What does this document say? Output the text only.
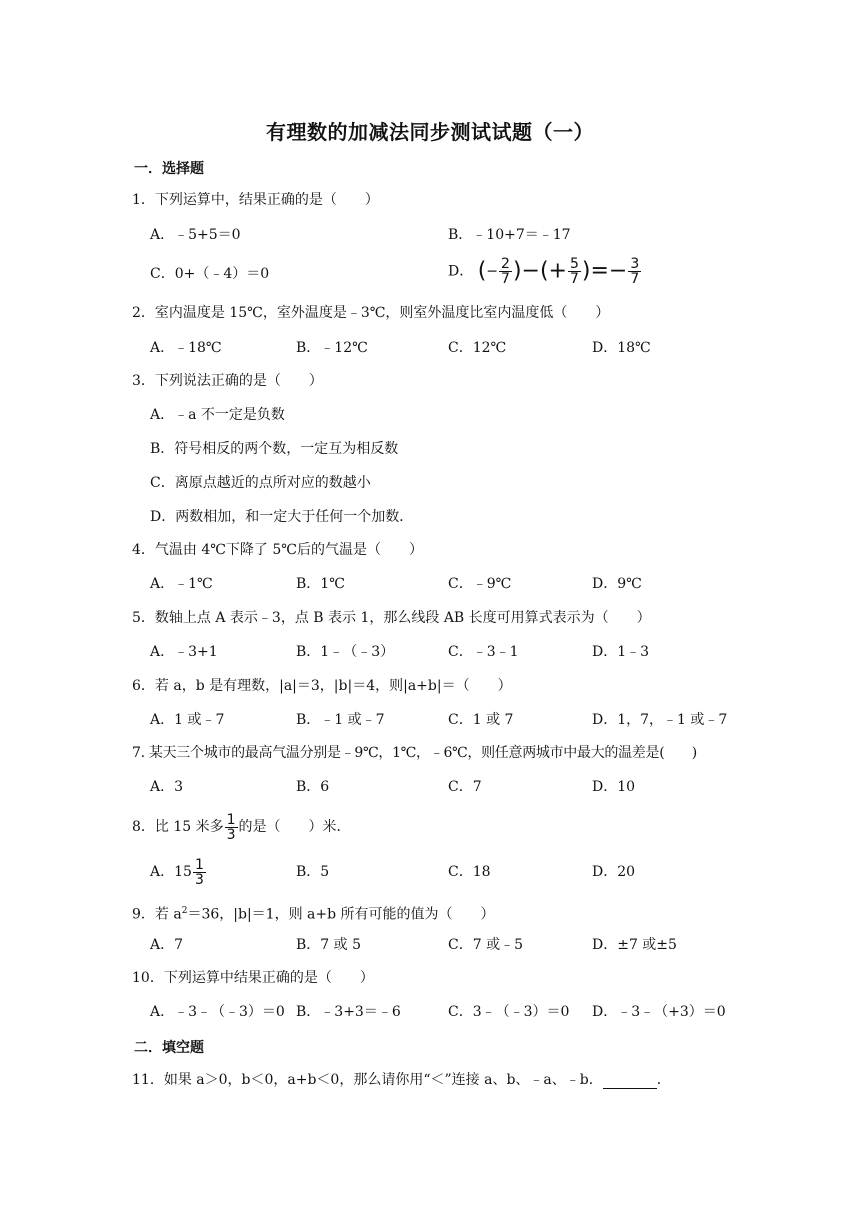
有理数的加减法同步测试试题（一）
一．选择题
1．下列运算中，结果正确的是（　　）
A．﹣5+5＝0	B．﹣10+7＝﹣17
C．0+（﹣4）＝0	D． (− $\frac{2}{7}$ )−(+ $\frac{5}{7}$ )=− $\frac{3}{7}$
2．室内温度是 15℃，室外温度是﹣3℃，则室外温度比室内温度低（　　）
A．﹣18℃	B．﹣12℃	C．12℃	D．18℃
3．下列说法正确的是（　　）
A．﹣a 不一定是负数
B．符号相反的两个数，一定互为相反数
C．离原点越近的点所对应的数越小
D．两数相加，和一定大于任何一个加数．
4．气温由 4℃下降了 5℃后的气温是（　　）
A．﹣1℃	B．1℃	C．﹣9℃	D．9℃
5．数轴上点 A 表示﹣3，点 B 表示 1，那么线段 AB 长度可用算式表示为（　　）
A．﹣3+1	B．1﹣（﹣3）	C．﹣3﹣1	D．1﹣3
6．若 a，b 是有理数，|a|＝3，|b|＝4，则|a+b|＝（　　）
A．1 或﹣7	B．﹣1 或﹣7	C．1 或 7	D．1，7，﹣1 或﹣7
7. 某天三个城市的最高气温分别是﹣9℃，1℃，﹣6℃，则任意两城市中最大的温差是(　　)
A．3	B．6	C．7	D．10
8．比 15 米多 $\frac{1}{3}$ 的是（　　）米．
A．$15 \frac{1}{3}$	B．5	C．18	D．20
9．若 $a^2=36$，|b|＝1，则 a+b 所有可能的值为（　　）
A．7	B．7 或 5	C．7 或﹣5	D．±7 或±5
10．下列运算中结果正确的是（　　）
A．﹣3﹣（﹣3）＝0 B．﹣3+3＝﹣6	C．3﹣（﹣3）＝0 D．﹣3﹣（+3）＝0
二．填空题
11．如果 a＞0，b＜0，a+b＜0，那么请你用“＜”连接 a、b、﹣a、﹣b．	．
